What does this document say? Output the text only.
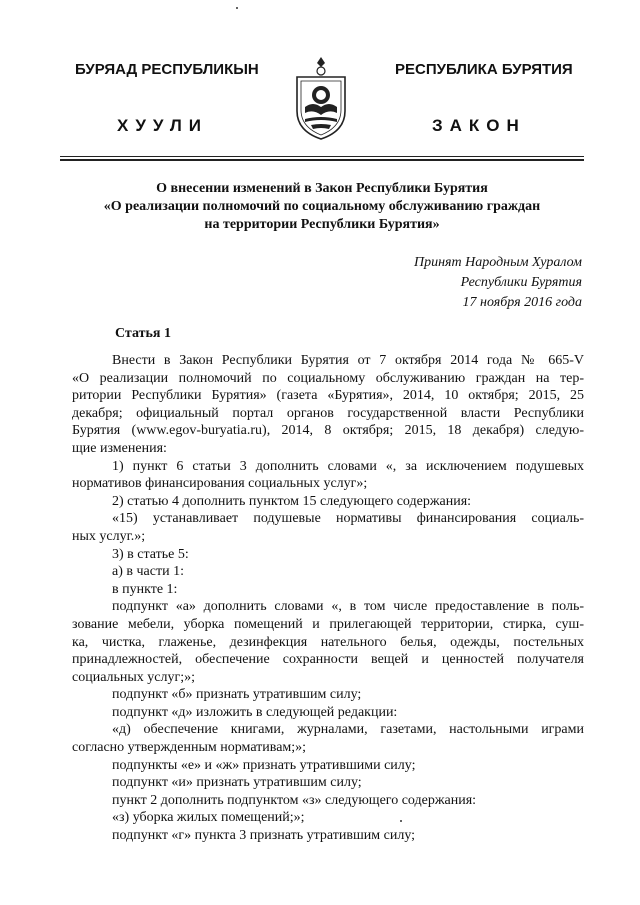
БУРЯАД РЕСПУБЛИКЫН	РЕСПУБЛИКА БУРЯТИЯ
ХУУЛИ	ЗАКОН
О внесении изменений в Закон Республики Бурятия
«О реализации полномочий по социальному обслуживанию граждан
на территории Республики Бурятия»
Принят Народным Хуралом
Республики Бурятия
17 ноября 2016 года
Статья 1
Внести в Закон Республики Бурятия от 7 октября 2014 года № 665-V
«О реализации полномочий по социальному обслуживанию граждан на тер-
ритории Республики Бурятия» (газета «Бурятия», 2014, 10 октября; 2015, 25
декабря; официальный портал органов государственной власти Республики
Бурятия (www.egov-buryatia.ru), 2014, 8 октября; 2015, 18 декабря) следую-
щие изменения:
1) пункт 6 статьи 3 дополнить словами «, за исключением подушевых
нормативов финансирования социальных услуг»;
2) статью 4 дополнить пунктом 15 следующего содержания:
«15) устанавливает подушевые нормативы финансирования социаль-
ных услуг.»;
3) в статье 5:
а) в части 1:
в пункте 1:
подпункт «а» дополнить словами «, в том числе предоставление в поль-
зование мебели, уборка помещений и прилегающей территории, стирка, суш-
ка, чистка, глаженье, дезинфекция нательного белья, одежды, постельных
принадлежностей, обеспечение сохранности вещей и ценностей получателя
социальных услуг;»;
подпункт «б» признать утратившим силу;
подпункт «д» изложить в следующей редакции:
«д) обеспечение книгами, журналами, газетами, настольными играми
согласно утвержденным нормативам;»;
подпункты «е» и «ж» признать утратившими силу;
подпункт «и» признать утратившим силу;
пункт 2 дополнить подпунктом «з» следующего содержания:
«з) уборка жилых помещений;»;
подпункт «г» пункта 3 признать утратившим силу;
